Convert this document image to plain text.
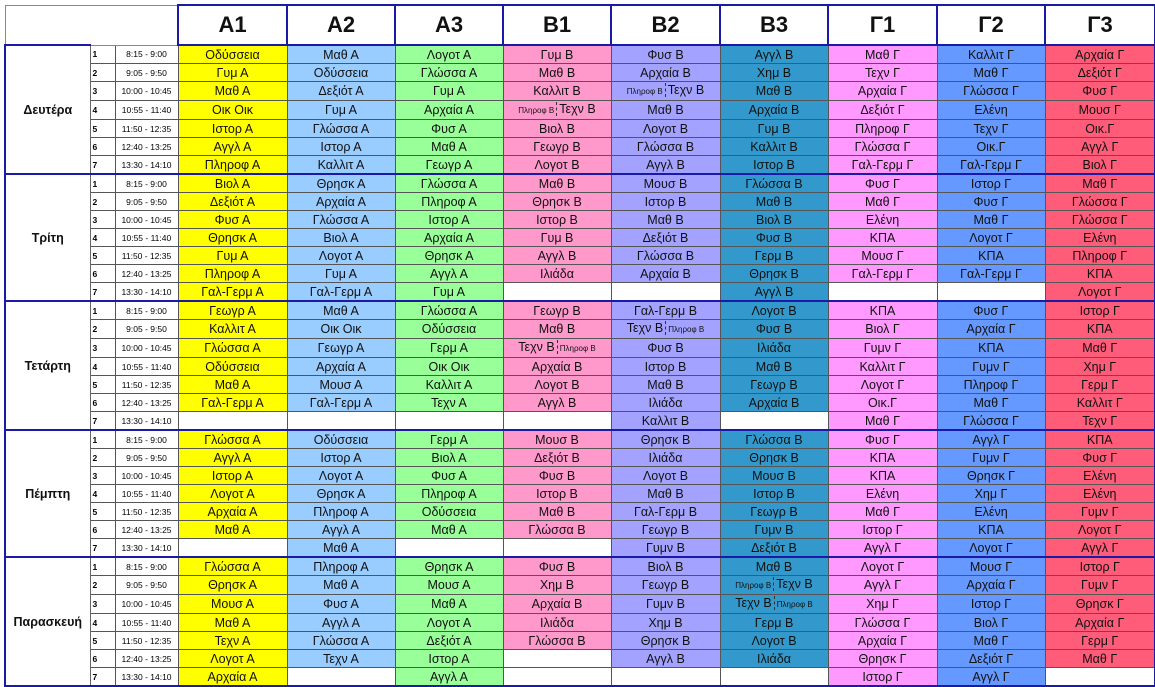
			Α1	Α2	Α3	Β1	Β2	Β3	Γ1	Γ2	Γ3
Δευτέρα	1	8:15 - 9:00	Οδύσσεια	Μαθ Α	Λογοτ Α	Γυμ Β	Φυσ Β	Αγγλ Β	Μαθ Γ	Καλλιτ Γ	Αρχαία Γ
	2	9:05 - 9:50	Γυμ Α	Οδύσσεια	Γλώσσα Α	Μαθ Β	Αρχαία Β	Χημ Β	Τεχν Γ	Μαθ Γ	Δεξιότ Γ
	3	10:00 - 10:45	Μαθ Α	Δεξιότ Α	Γυμ Α	Καλλιτ Β	Πληροφ Β Τεχν Β	Μαθ Β	Αρχαία Γ	Γλώσσα Γ	Φυσ Γ
	4	10:55 - 11:40	Οικ Οικ	Γυμ Α	Αρχαία Α	Πληροφ Β Τεχν Β	Μαθ Β	Αρχαία Β	Δεξιότ Γ	Ελένη	Μουσ Γ
	5	11:50 - 12:35	Ιστορ Α	Γλώσσα Α	Φυσ Α	Βιολ Β	Λογοτ Β	Γυμ Β	Πληροφ Γ	Τεχν Γ	Οικ.Γ
	6	12:40 - 13:25	Αγγλ Α	Ιστορ Α	Μαθ Α	Γεωγρ Β	Γλώσσα Β	Καλλιτ Β	Γλώσσα Γ	Οικ.Γ	Αγγλ Γ
	7	13:30 - 14:10	Πληροφ Α	Καλλιτ Α	Γεωγρ Α	Λογοτ Β	Αγγλ Β	Ιστορ Β	Γαλ-Γερμ Γ	Γαλ-Γερμ Γ	Βιολ Γ
Τρίτη	1	8:15 - 9:00	Βιολ Α	Θρησκ Α	Γλώσσα Α	Μαθ Β	Μουσ Β	Γλώσσα Β	Φυσ Γ	Ιστορ Γ	Μαθ Γ
	2	9:05 - 9:50	Δεξιότ Α	Αρχαία Α	Πληροφ Α	Θρησκ Β	Ιστορ Β	Μαθ Β	Μαθ Γ	Φυσ Γ	Γλώσσα Γ
	3	10:00 - 10:45	Φυσ Α	Γλώσσα Α	Ιστορ Α	Ιστορ Β	Μαθ Β	Βιολ Β	Ελένη	Μαθ Γ	Γλώσσα Γ
	4	10:55 - 11:40	Θρησκ Α	Βιολ Α	Αρχαία Α	Γυμ Β	Δεξιότ Β	Φυσ Β	ΚΠΑ	Λογοτ Γ	Ελένη
	5	11:50 - 12:35	Γυμ Α	Λογοτ Α	Θρησκ Α	Αγγλ Β	Γλώσσα Β	Γερμ Β	Μουσ Γ	ΚΠΑ	Πληροφ Γ
	6	12:40 - 13:25	Πληροφ Α	Γυμ Α	Αγγλ Α	Ιλιάδα	Αρχαία Β	Θρησκ Β	Γαλ-Γερμ Γ	Γαλ-Γερμ Γ	ΚΠΑ
	7	13:30 - 14:10	Γαλ-Γερμ Α	Γαλ-Γερμ Α	Γυμ Α			Αγγλ Β			Λογοτ Γ
Τετάρτη	1	8:15 - 9:00	Γεωγρ Α	Μαθ Α	Γλώσσα Α	Γεωγρ Β	Γαλ-Γερμ Β	Λογοτ Β	ΚΠΑ	Φυσ Γ	Ιστορ Γ
	2	9:05 - 9:50	Καλλιτ Α	Οικ Οικ	Οδύσσεια	Μαθ Β	Τεχν Β Πληροφ Β	Φυσ Β	Βιολ Γ	Αρχαία Γ	ΚΠΑ
	3	10:00 - 10:45	Γλώσσα Α	Γεωγρ Α	Γερμ Α	Τεχν Β Πληροφ Β	Φυσ Β	Ιλιάδα	Γυμν Γ	ΚΠΑ	Μαθ Γ
	4	10:55 - 11:40	Οδύσσεια	Αρχαία Α	Οικ Οικ	Αρχαία Β	Ιστορ Β	Μαθ Β	Καλλιτ Γ	Γυμν Γ	Χημ Γ
	5	11:50 - 12:35	Μαθ Α	Μουσ Α	Καλλιτ Α	Λογοτ Β	Μαθ Β	Γεωγρ Β	Λογοτ Γ	Πληροφ Γ	Γερμ Γ
	6	12:40 - 13:25	Γαλ-Γερμ Α	Γαλ-Γερμ Α	Τεχν Α	Αγγλ Β	Ιλιάδα	Αρχαία Β	Οικ.Γ	Μαθ Γ	Καλλιτ Γ
	7	13:30 - 14:10					Καλλιτ Β		Μαθ Γ	Γλώσσα Γ	Τεχν Γ
Πέμπτη	1	8:15 - 9:00	Γλώσσα Α	Οδύσσεια	Γερμ Α	Μουσ Β	Θρησκ Β	Γλώσσα Β	Φυσ Γ	Αγγλ Γ	ΚΠΑ
	2	9:05 - 9:50	Αγγλ Α	Ιστορ Α	Βιολ Α	Δεξιότ Β	Ιλιάδα	Θρησκ Β	ΚΠΑ	Γυμν Γ	Φυσ Γ
	3	10:00 - 10:45	Ιστορ Α	Λογοτ Α	Φυσ Α	Φυσ Β	Λογοτ Β	Μουσ Β	ΚΠΑ	Θρησκ Γ	Ελένη
	4	10:55 - 11:40	Λογοτ Α	Θρησκ Α	Πληροφ Α	Ιστορ Β	Μαθ Β	Ιστορ Β	Ελένη	Χημ Γ	Ελένη
	5	11:50 - 12:35	Αρχαία Α	Πληροφ Α	Οδύσσεια	Μαθ Β	Γαλ-Γερμ Β	Γεωγρ Β	Μαθ Γ	Ελένη	Γυμν Γ
	6	12:40 - 13:25	Μαθ Α	Αγγλ Α	Μαθ Α	Γλώσσα Β	Γεωγρ Β	Γυμν Β	Ιστορ Γ	ΚΠΑ	Λογοτ Γ
	7	13:30 - 14:10		Μαθ Α			Γυμν Β	Δεξιότ Β	Αγγλ Γ	Λογοτ Γ	Αγγλ Γ
Παρασκευή	1	8:15 - 9:00	Γλώσσα Α	Πληροφ Α	Θρησκ Α	Φυσ Β	Βιολ Β	Μαθ Β	Λογοτ Γ	Μουσ Γ	Ιστορ Γ
	2	9:05 - 9:50	Θρησκ Α	Μαθ Α	Μουσ Α	Χημ Β	Γεωγρ Β	Πληροφ Β Τεχν Β	Αγγλ Γ	Αρχαία Γ	Γυμν Γ
	3	10:00 - 10:45	Μουσ Α	Φυσ Α	Μαθ Α	Αρχαία Β	Γυμν Β	Τεχν Β Πληροφ Β	Χημ Γ	Ιστορ Γ	Θρησκ Γ
	4	10:55 - 11:40	Μαθ Α	Αγγλ Α	Λογοτ Α	Ιλιάδα	Χημ Β	Γερμ Β	Γλώσσα Γ	Βιολ Γ	Αρχαία Γ
	5	11:50 - 12:35	Τεχν Α	Γλώσσα Α	Δεξιότ Α	Γλώσσα Β	Θρησκ Β	Λογοτ Β	Αρχαία Γ	Μαθ Γ	Γερμ Γ
	6	12:40 - 13:25	Λογοτ Α	Τεχν Α	Ιστορ Α		Αγγλ Β	Ιλιάδα	Θρησκ Γ	Δεξιότ Γ	Μαθ Γ
	7	13:30 - 14:10	Αρχαία Α		Αγγλ Α				Ιστορ Γ	Αγγλ Γ	
